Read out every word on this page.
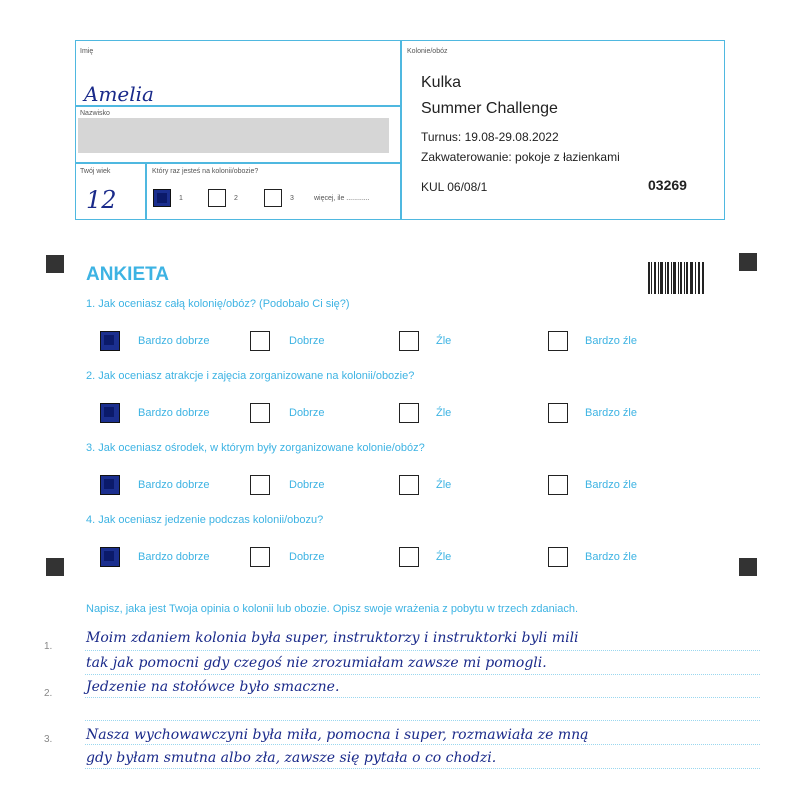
Imię
Amelia
Nazwisko
Twój wiek
12
Który raz jesteś na kolonii/obozie?
1	2	3	więcej, ile ............
Kolonie/obóz
Kulka
Summer Challenge
Turnus: 19.08-29.08.2022
Zakwaterowanie: pokoje z łazienkami
KUL 06/08/1	03269
ANKIETA
1. Jak oceniasz całą kolonię/obóz? (Podobało Ci się?)
Bardzo dobrze	Dobrze	Źle	Bardzo źle
2. Jak oceniasz atrakcje i zajęcia zorganizowane na kolonii/obozie?
Bardzo dobrze	Dobrze	Źle	Bardzo źle
3. Jak oceniasz ośrodek, w którym były zorganizowane kolonie/obóz?
Bardzo dobrze	Dobrze	Źle	Bardzo źle
4. Jak oceniasz jedzenie podczas kolonii/obozu?
Bardzo dobrze	Dobrze	Źle	Bardzo źle
Napisz, jaka jest Twoja opinia o kolonii lub obozie. Opisz swoje wrażenia z pobytu w trzech zdaniach.
1.
2.
3.
Moim zdaniem kolonia była super, instruktorzy i instruktorki byli mili
tak jak pomocni gdy czegoś nie zrozumiałam zawsze mi pomogli.
Jedzenie na stołówce było smaczne.
Nasza wychowawczyni była miła, pomocna i super, rozmawiała ze mną
gdy byłam smutna albo zła, zawsze się pytała o co chodzi.
